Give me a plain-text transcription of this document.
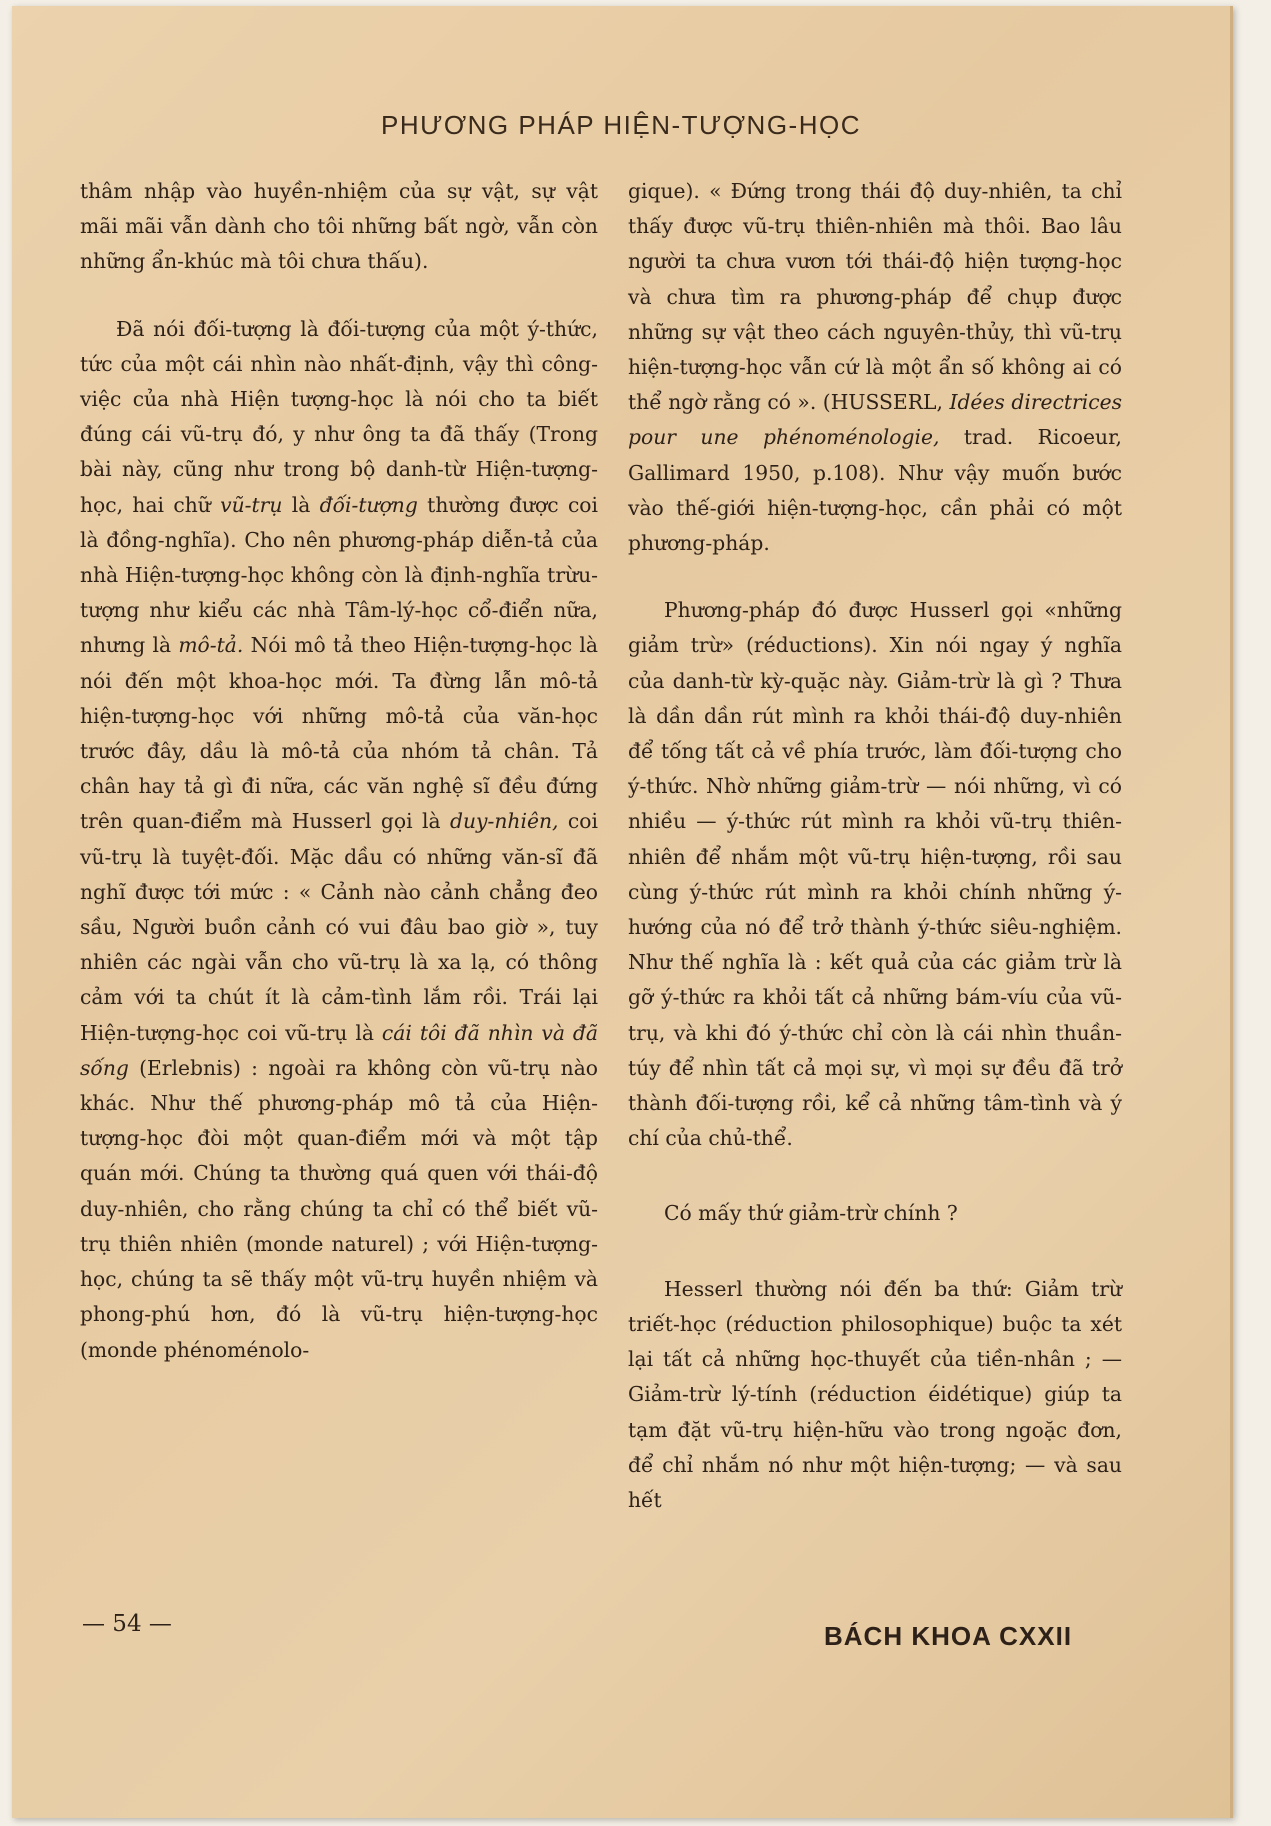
PHƯƠNG PHÁP HIỆN-TƯỢNG-HỌC

thâm nhập vào huyền-nhiệm của sự vật, sự vật mãi mãi vẫn dành cho tôi những bất ngờ, vẫn còn những ẩn-khúc mà tôi chưa thấu).

Đã nói đối-tượng là đối-tượng của một ý-thức, tức của một cái nhìn nào nhất-định, vậy thì công-việc của nhà Hiện tượng-học là nói cho ta biết đúng cái vũ-trụ đó, y như ông ta đã thấy (Trong bài này, cũng như trong bộ danh-từ Hiện-tượng-học, hai chữ vũ-trụ là đối-tượng thường được coi là đồng-nghĩa). Cho nên phương-pháp diễn-tả của nhà Hiện-tượng-học không còn là định-nghĩa trừu-tượng như kiểu các nhà Tâm-lý-học cổ-điển nữa, nhưng là mô-tả. Nói mô tả theo Hiện-tượng-học là nói đến một khoa-học mới. Ta đừng lẫn mô-tả hiện-tượng-học với những mô-tả của văn-học trước đây, dầu là mô-tả của nhóm tả chân. Tả chân hay tả gì đi nữa, các văn nghệ sĩ đều đứng trên quan-điểm mà Husserl gọi là duy-nhiên, coi vũ-trụ là tuyệt-đối. Mặc dầu có những văn-sĩ đã nghĩ được tới mức : « Cảnh nào cảnh chẳng đeo sầu, Người buồn cảnh có vui đâu bao giờ », tuy nhiên các ngài vẫn cho vũ-trụ là xa lạ, có thông cảm với ta chút ít là cảm-tình lắm rồi. Trái lại Hiện-tượng-học coi vũ-trụ là cái tôi đã nhìn và đã sống (Erlebnis) : ngoài ra không còn vũ-trụ nào khác. Như thế phương-pháp mô tả của Hiện-tượng-học đòi một quan-điểm mới và một tập quán mới. Chúng ta thường quá quen với thái-độ duy-nhiên, cho rằng chúng ta chỉ có thể biết vũ-trụ thiên nhiên (monde naturel) ; với Hiện-tượng-học, chúng ta sẽ thấy một vũ-trụ huyền nhiệm và phong-phú hơn, đó là vũ-trụ hiện-tượng-học (monde phénoménolo-

gique). « Đứng trong thái độ duy-nhiên, ta chỉ thấy được vũ-trụ thiên-nhiên mà thôi. Bao lâu người ta chưa vươn tới thái-độ hiện tượng-học và chưa tìm ra phương-pháp để chụp được những sự vật theo cách nguyên-thủy, thì vũ-trụ hiện-tượng-học vẫn cứ là một ẩn số không ai có thể ngờ rằng có ». (HUSSERL, Idées directrices pour une phénoménologie, trad. Ricoeur, Gallimard 1950, p.108). Như vậy muốn bước vào thế-giới hiện-tượng-học, cần phải có một phương-pháp.

Phương-pháp đó được Husserl gọi «những giảm trừ» (réductions). Xin nói ngay ý nghĩa của danh-từ kỳ-quặc này. Giảm-trừ là gì ? Thưa là dần dần rút mình ra khỏi thái-độ duy-nhiên để tống tất cả về phía trước, làm đối-tượng cho ý-thức. Nhờ những giảm-trừ — nói những, vì có nhiều — ý-thức rút mình ra khỏi vũ-trụ thiên-nhiên để nhắm một vũ-trụ hiện-tượng, rồi sau cùng ý-thức rút mình ra khỏi chính những ý-hướng của nó để trở thành ý-thức siêu-nghiệm. Như thế nghĩa là : kết quả của các giảm trừ là gỡ ý-thức ra khỏi tất cả những bám-víu của vũ-trụ, và khi đó ý-thức chỉ còn là cái nhìn thuần-túy để nhìn tất cả mọi sự, vì mọi sự đều đã trở thành đối-tượng rồi, kể cả những tâm-tình và ý chí của chủ-thể.

Có mấy thứ giảm-trừ chính ?

Hesserl thường nói đến ba thứ: Giảm trừ triết-học (réduction philosophique) buộc ta xét lại tất cả những học-thuyết của tiền-nhân ; — Giảm-trừ lý-tính (réduction éidétique) giúp ta tạm đặt vũ-trụ hiện-hữu vào trong ngoặc đơn, để chỉ nhắm nó như một hiện-tượng; — và sau hết

— 54 —	BÁCH KHOA CXXII
